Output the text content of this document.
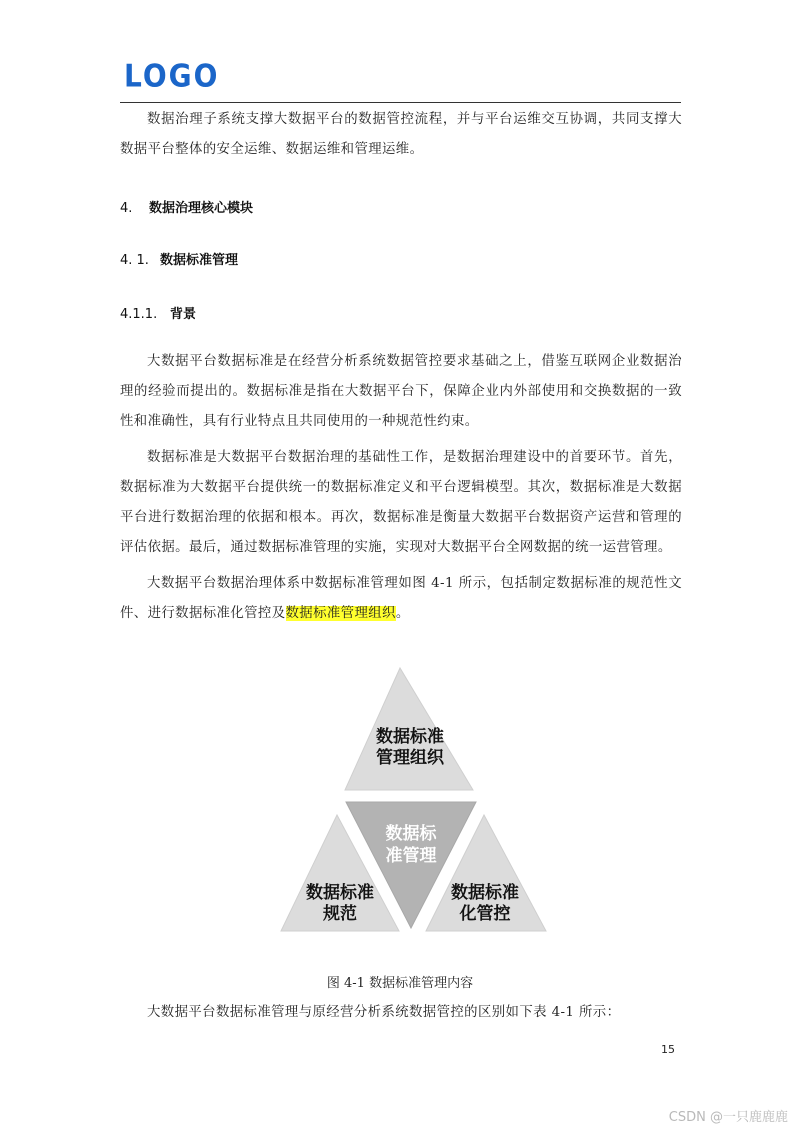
LOGO
数据治理子系统支撑大数据平台的数据管控流程，并与平台运维交互协调，共同支撑大数据平台整体的安全运维、数据运维和管理运维。
4. 数据治理核心模块
4. 1. 数据标准管理
4.1.1. 背景
大数据平台数据标准是在经营分析系统数据管控要求基础之上，借鉴互联网企业数据治理的经验而提出的。数据标准是指在大数据平台下，保障企业内外部使用和交换数据的一致性和准确性，具有行业特点且共同使用的一种规范性约束。
数据标准是大数据平台数据治理的基础性工作，是数据治理建设中的首要环节。首先，数据标准为大数据平台提供统一的数据标准定义和平台逻辑模型。其次，数据标准是大数据平台进行数据治理的依据和根本。再次，数据标准是衡量大数据平台数据资产运营和管理的评估依据。最后，通过数据标准管理的实施，实现对大数据平台全网数据的统一运营管理。
大数据平台数据治理体系中数据标准管理如图 4-1 所示，包括制定数据标准的规范性文件、进行数据标准化管控及数据标准管理组织。
数据标准
管理组织
数据标
准管理
数据标准
规范
数据标准
化管控
图 4-1 数据标准管理内容
大数据平台数据标准管理与原经营分析系统数据管控的区别如下表 4-1 所示：
15
CSDN @一只鹿鹿鹿
